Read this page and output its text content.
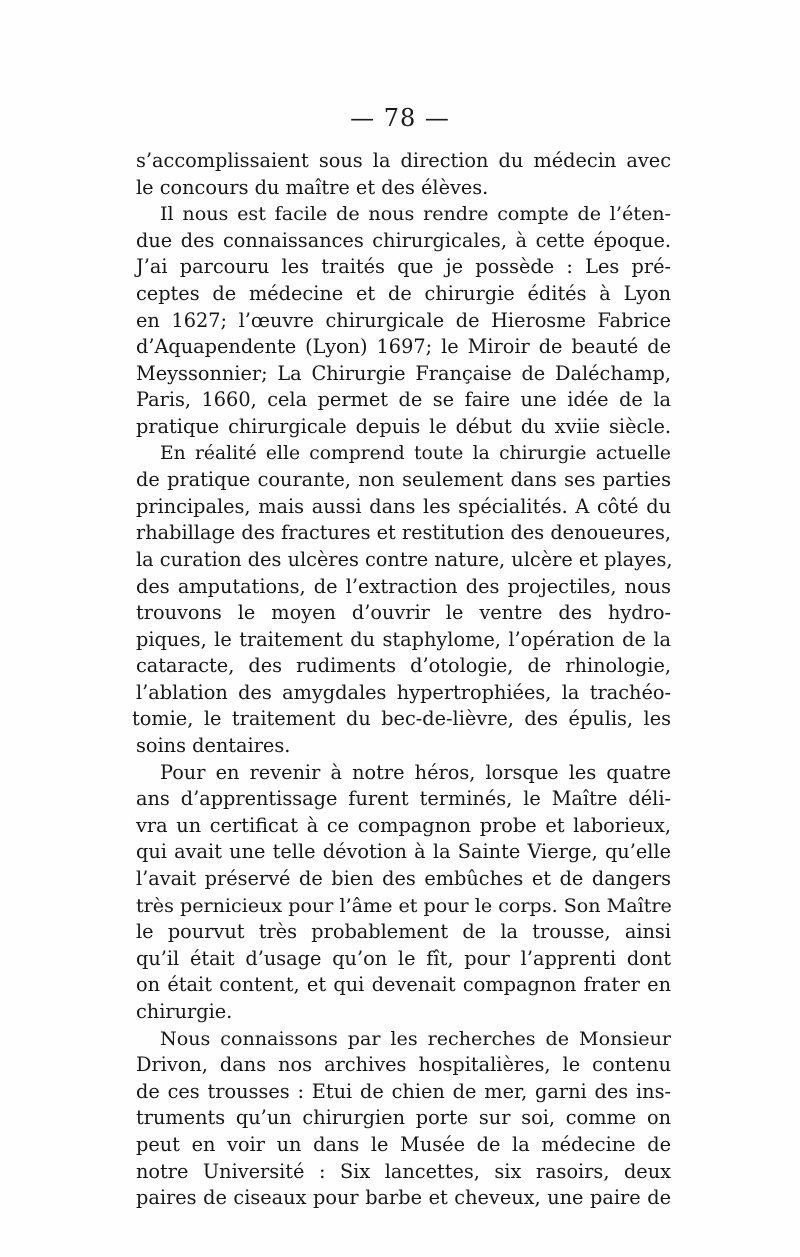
— 78 —
s’accomplissaient sous la direction du médecin avec
le concours du maître et des élèves.
Il nous est facile de nous rendre compte de l’éten-
due des connaissances chirurgicales, à cette époque.
J’ai parcouru les traités que je possède : Les pré-
ceptes de médecine et de chirurgie édités à Lyon
en 1627; l’œuvre chirurgicale de Hierosme Fabrice
d’Aquapendente (Lyon) 1697; le Miroir de beauté de
Meyssonnier; La Chirurgie Française de Daléchamp,
Paris, 1660, cela permet de se faire une idée de la
pratique chirurgicale depuis le début du xviie siècle.
En réalité elle comprend toute la chirurgie actuelle
de pratique courante, non seulement dans ses parties
principales, mais aussi dans les spécialités. A côté du
rhabillage des fractures et restitution des denoueures,
la curation des ulcères contre nature, ulcère et playes,
des amputations, de l’extraction des projectiles, nous
trouvons le moyen d’ouvrir le ventre des hydro-
piques, le traitement du staphylome, l’opération de la
cataracte, des rudiments d’otologie, de rhinologie,
l’ablation des amygdales hypertrophiées, la trachéo-
tomie, le traitement du bec-de-lièvre, des épulis, les
soins dentaires.
Pour en revenir à notre héros, lorsque les quatre
ans d’apprentissage furent terminés, le Maître déli-
vra un certificat à ce compagnon probe et laborieux,
qui avait une telle dévotion à la Sainte Vierge, qu’elle
l’avait préservé de bien des embûches et de dangers
très pernicieux pour l’âme et pour le corps. Son Maître
le pourvut très probablement de la trousse, ainsi
qu’il était d’usage qu’on le fît, pour l’apprenti dont
on était content, et qui devenait compagnon frater en
chirurgie.
Nous connaissons par les recherches de Monsieur
Drivon, dans nos archives hospitalières, le contenu
de ces trousses : Etui de chien de mer, garni des ins-
truments qu’un chirurgien porte sur soi, comme on
peut en voir un dans le Musée de la médecine de
notre Université : Six lancettes, six rasoirs, deux
paires de ciseaux pour barbe et cheveux, une paire de
